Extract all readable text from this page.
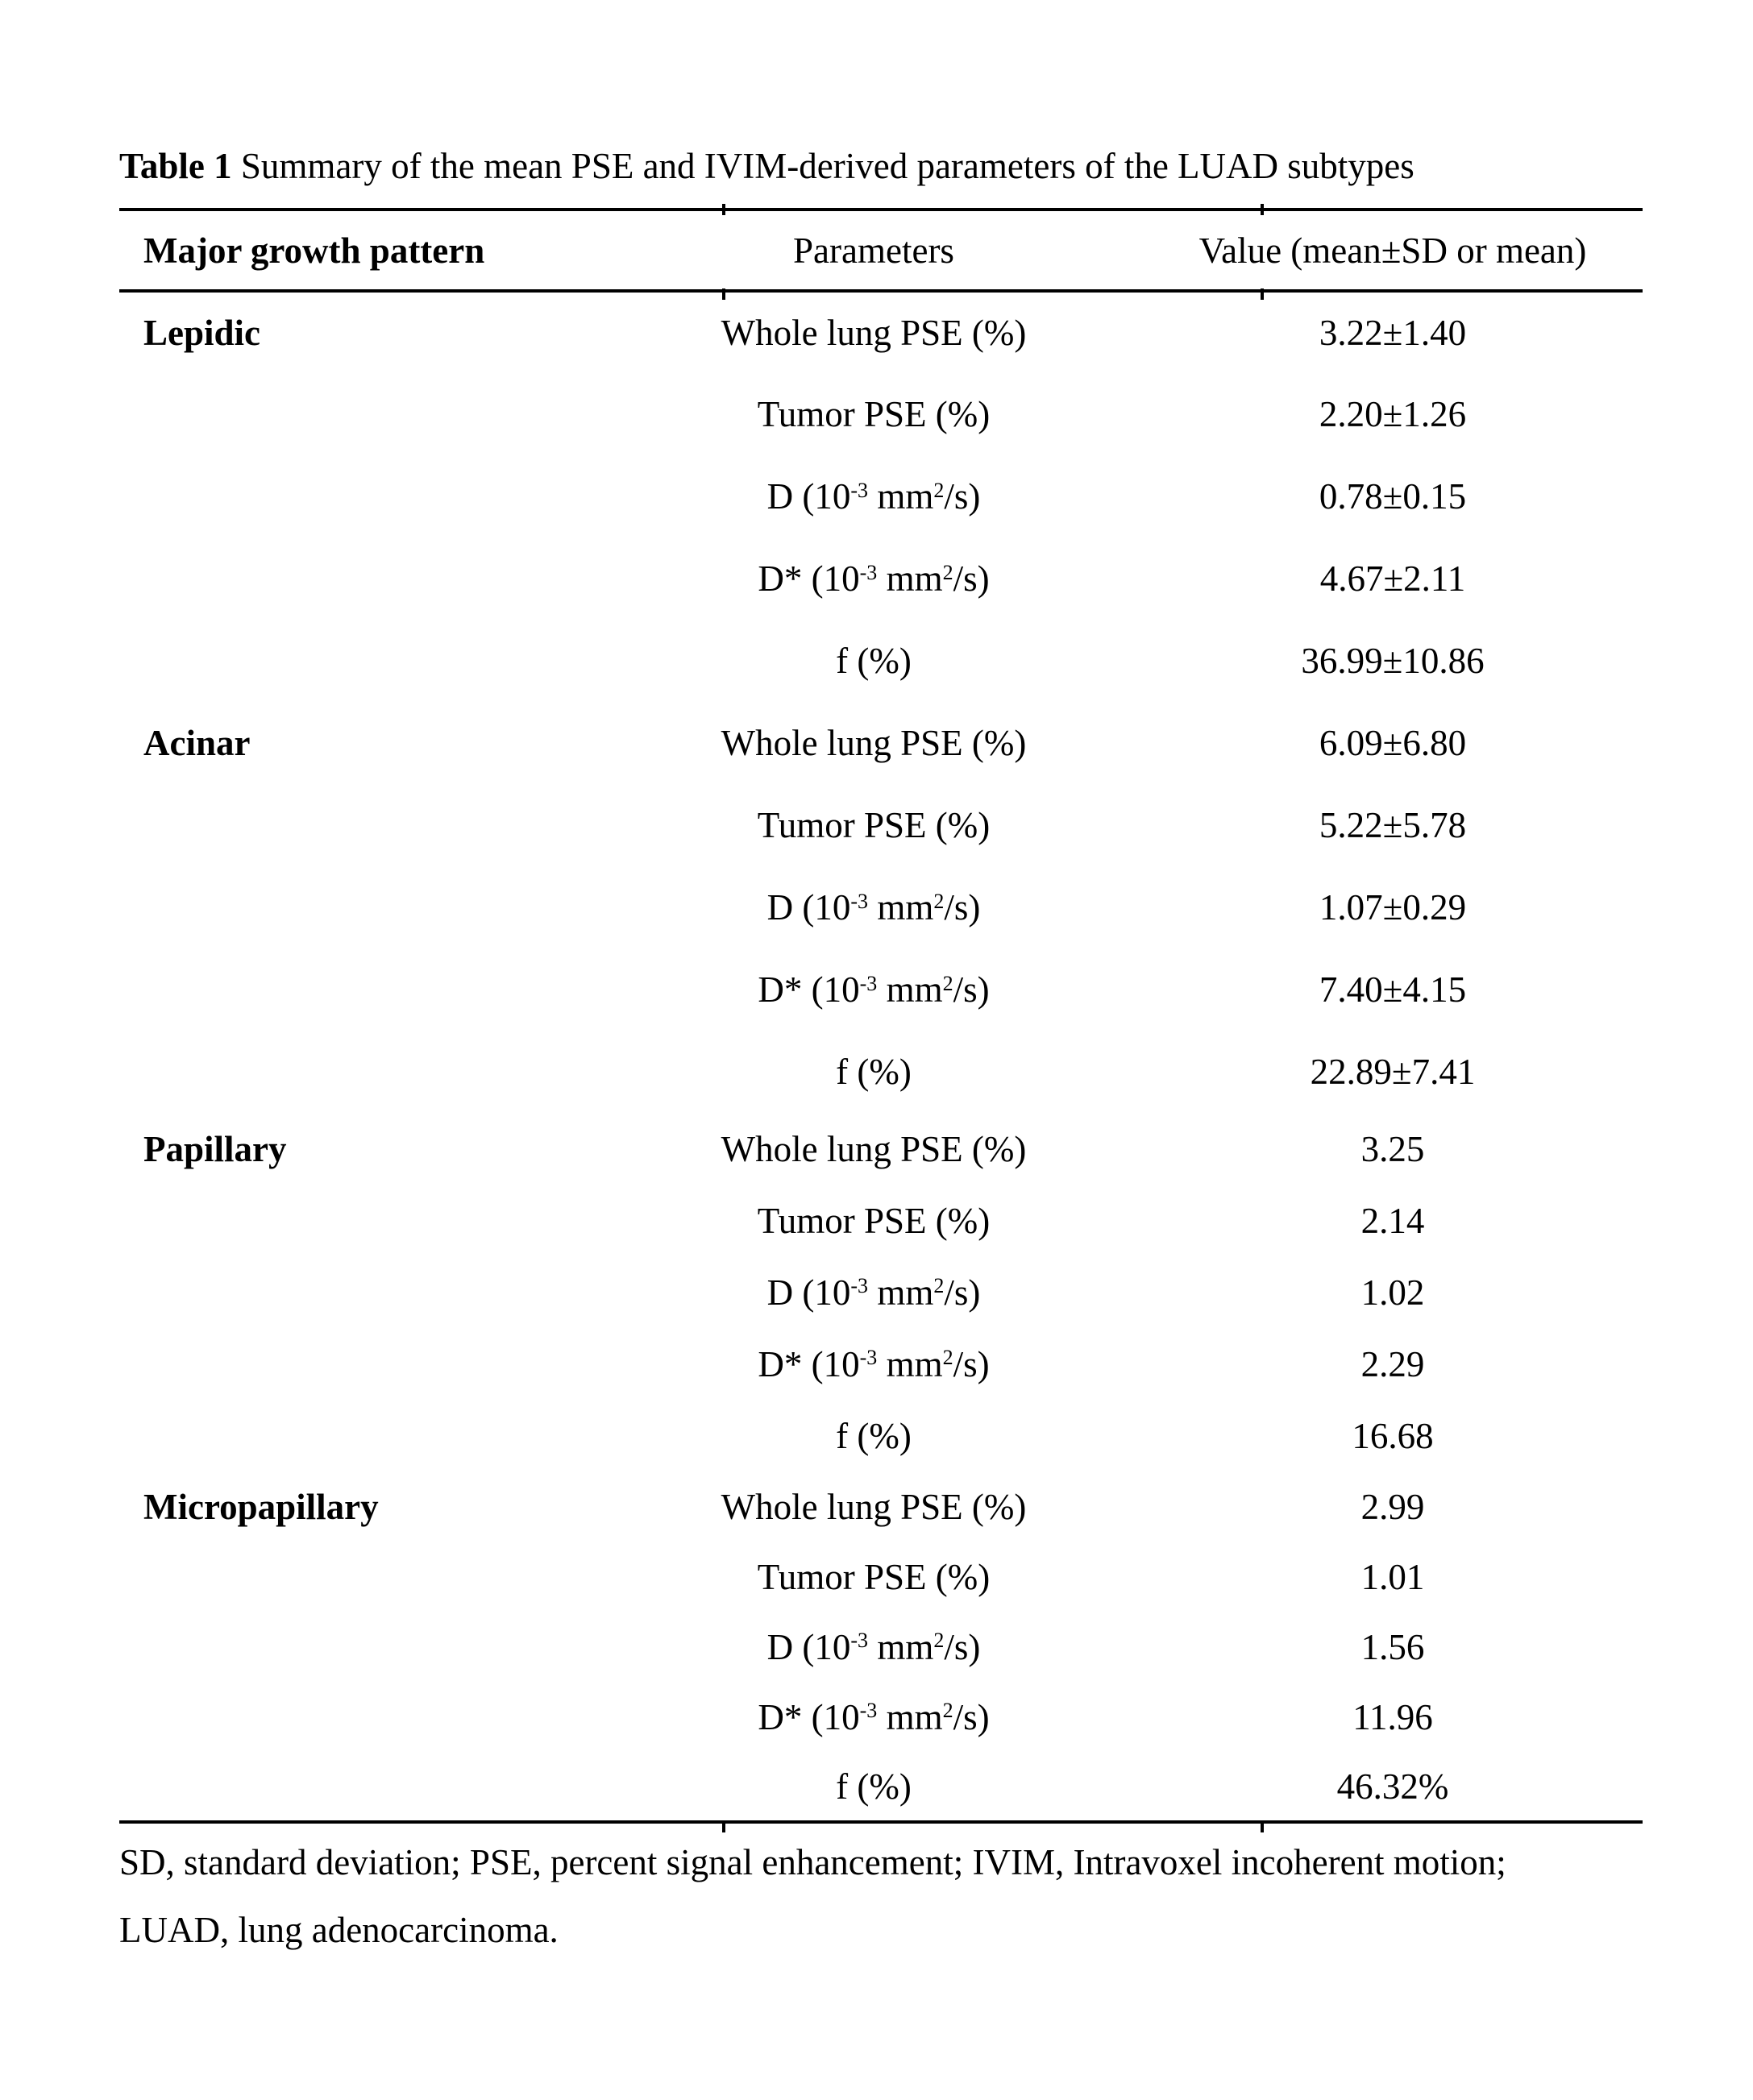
Table 1 Summary of the mean PSE and IVIM-derived parameters of the LUAD subtypes
Major growth pattern	Parameters	Value (mean±SD or mean)
Lepidic	Whole lung PSE (%)	3.22±1.40
	Tumor PSE (%)	2.20±1.26
	D ($10^{-3}$ $mm^2/s$)	0.78±0.15
	D* ($10^{-3}$ $mm^2/s$)	4.67±2.11
	f (%)	36.99±10.86
Acinar	Whole lung PSE (%)	6.09±6.80
	Tumor PSE (%)	5.22±5.78
	D ($10^{-3}$ $mm^2/s$)	1.07±0.29
	D* ($10^{-3}$ $mm^2/s$)	7.40±4.15
	f (%)	22.89±7.41
Papillary	Whole lung PSE (%)	3.25
	Tumor PSE (%)	2.14
	D ($10^{-3}$ $mm^2/s$)	1.02
	D* ($10^{-3}$ $mm^2/s$)	2.29
	f (%)	16.68
Micropapillary	Whole lung PSE (%)	2.99
	Tumor PSE (%)	1.01
	D ($10^{-3}$ $mm^2/s$)	1.56
	D* ($10^{-3}$ $mm^2/s$)	11.96
	f (%)	46.32%
SD, standard deviation; PSE, percent signal enhancement; IVIM, Intravoxel incoherent motion;
LUAD, lung adenocarcinoma.
